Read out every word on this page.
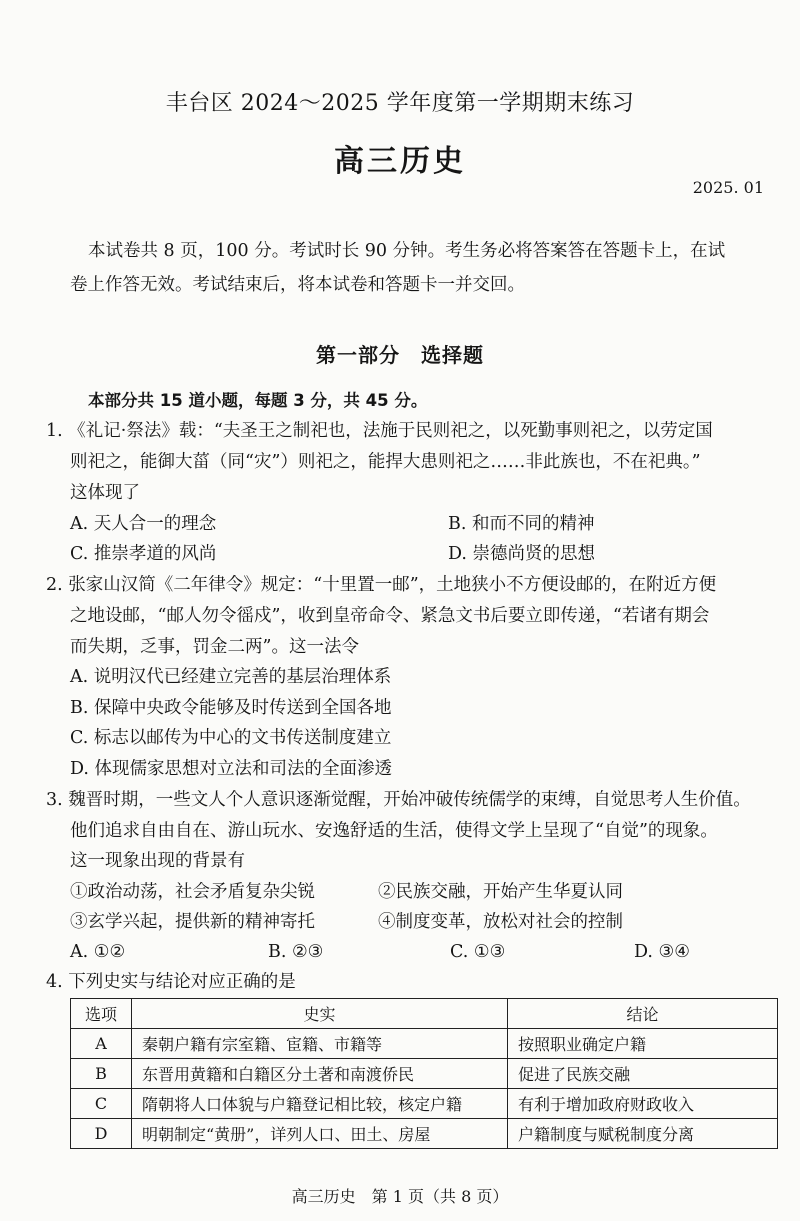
丰台区 2024～2025 学年度第一学期期末练习
高三历史
2025. 01
本试卷共 8 页，100 分。考试时长 90 分钟。考生务必将答案答在答题卡上，在试
卷上作答无效。考试结束后，将本试卷和答题卡一并交回。
第一部分　选择题
本部分共 15 道小题，每题 3 分，共 45 分。
1. 《礼记·祭法》载：“夫圣王之制祀也，法施于民则祀之，以死勤事则祀之，以劳定国
则祀之，能御大菑（同“灾”）则祀之，能捍大患则祀之……非此族也，不在祀典。”
这体现了
A. 天人合一的理念	B. 和而不同的精神
C. 推崇孝道的风尚	D. 崇德尚贤的思想
2. 张家山汉简《二年律令》规定：“十里置一邮”，土地狭小不方便设邮的，在附近方便
之地设邮，“邮人勿令徭戍”，收到皇帝命令、紧急文书后要立即传递，“若诸有期会
而失期，乏事，罚金二两”。这一法令
A. 说明汉代已经建立完善的基层治理体系
B. 保障中央政令能够及时传送到全国各地
C. 标志以邮传为中心的文书传送制度建立
D. 体现儒家思想对立法和司法的全面渗透
3. 魏晋时期，一些文人个人意识逐渐觉醒，开始冲破传统儒学的束缚，自觉思考人生价值。
他们追求自由自在、游山玩水、安逸舒适的生活，使得文学上呈现了“自觉”的现象。
这一现象出现的背景有
①政治动荡，社会矛盾复杂尖锐	②民族交融，开始产生华夏认同
③玄学兴起，提供新的精神寄托	④制度变革，放松对社会的控制
A. ①②	B. ②③	C. ①③	D. ③④
4. 下列史实与结论对应正确的是
选项	史实	结论
A	秦朝户籍有宗室籍、宦籍、市籍等	按照职业确定户籍
B	东晋用黄籍和白籍区分土著和南渡侨民	促进了民族交融
C	隋朝将人口体貌与户籍登记相比较，核定户籍	有利于增加政府财政收入
D	明朝制定“黄册”，详列人口、田土、房屋	户籍制度与赋税制度分离
高三历史　第 1 页（共 8 页）
